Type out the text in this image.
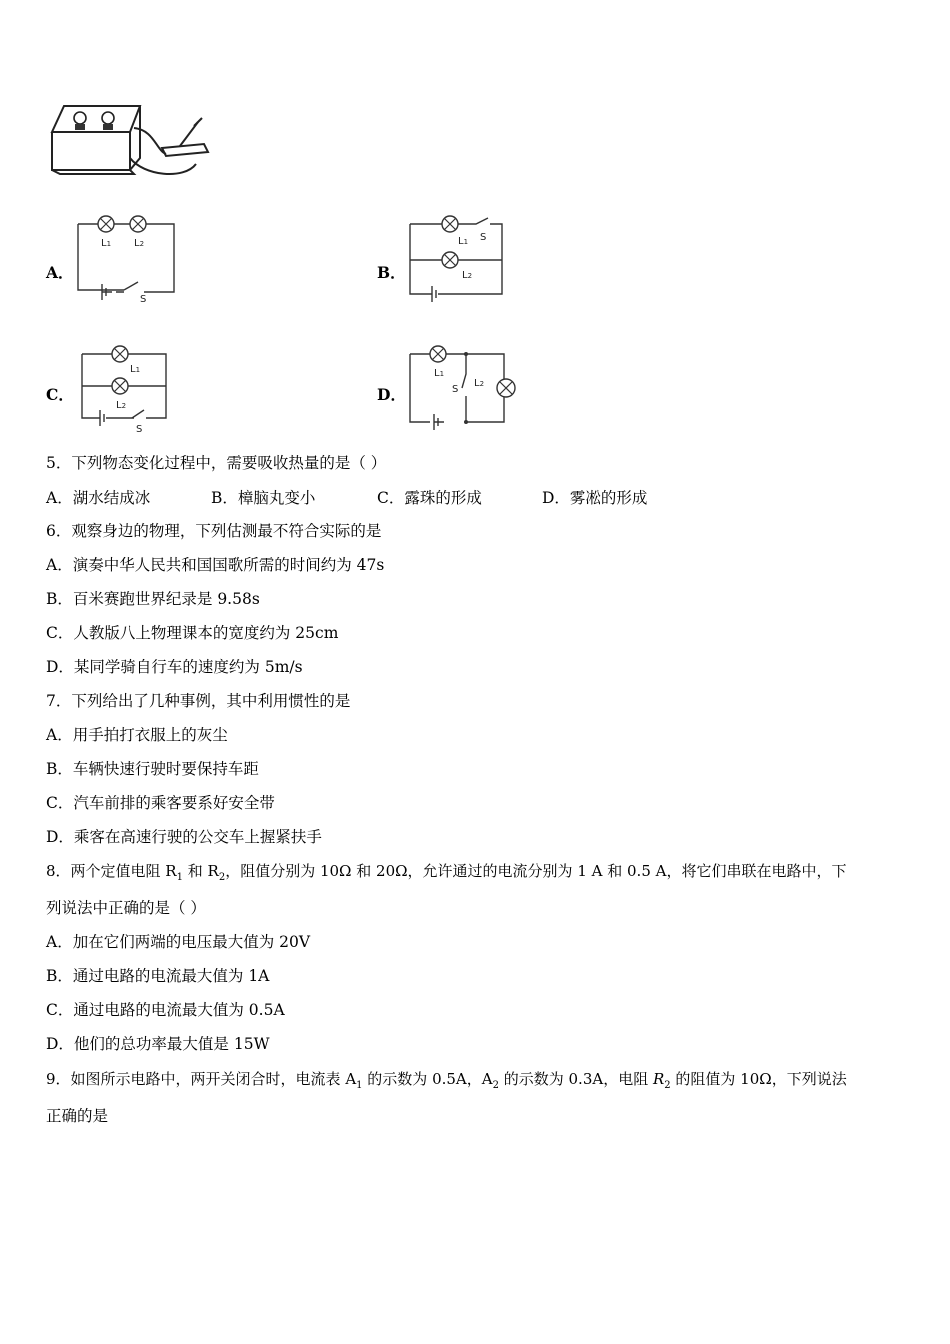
A．
L1 L2
S
B．
L1 S
L2
C．
L1
L2
S
D．
L1
S
L2
5．下列物态变化过程中，需要吸收热量的是（ ）
A．湖水结成冰	B．樟脑丸变小	C．露珠的形成	D．雾凇的形成
6．观察身边的物理，下列估测最不符合实际的是
A．演奏中华人民共和国国歌所需的时间约为 47s
B．百米赛跑世界纪录是 9.58s
C．人教版八上物理课本的宽度约为 25cm
D．某同学骑自行车的速度约为 5m/s
7．下列给出了几种事例，其中利用惯性的是
A．用手拍打衣服上的灰尘
B．车辆快速行驶时要保持车距
C．汽车前排的乘客要系好安全带
D．乘客在高速行驶的公交车上握紧扶手
8．两个定值电阻 $R_1$ 和 $R_2$，阻值分别为 10Ω 和 20Ω，允许通过的电流分别为 1 A 和 0.5 A，将它们串联在电路中，下
列说法中正确的是（ ）
A．加在它们两端的电压最大值为 20V
B．通过电路的电流最大值为 1A
C．通过电路的电流最大值为 0.5A
D．他们的总功率最大值是 15W
9．如图所示电路中，两开关闭合时，电流表 $A_1$ 的示数为 0.5A，$A_2$ 的示数为 0.3A，电阻 $R_2$ 的阻值为 10Ω，下列说法
正确的是
